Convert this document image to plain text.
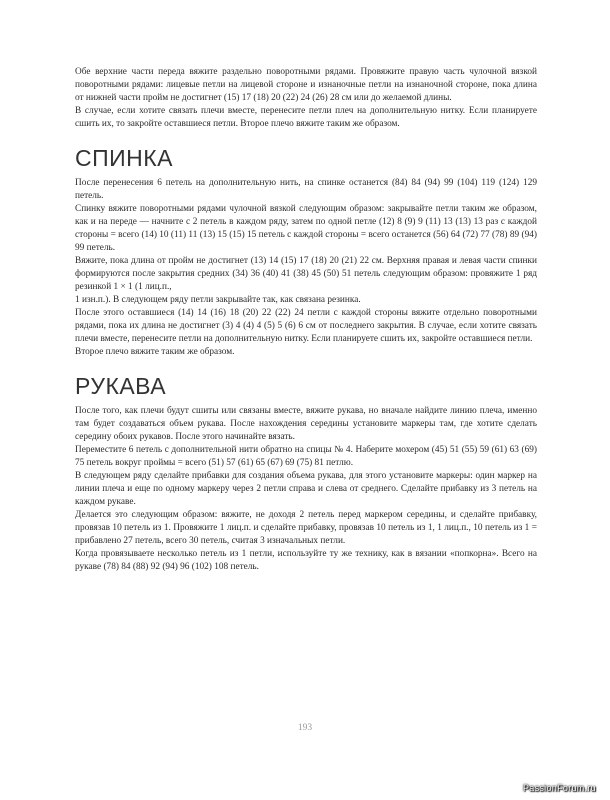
Обе верхние части переда вяжите раздельно поворотными рядами. Провяжите правую часть чулочной вязкой поворотными рядами: лицевые петли на лицевой стороне и изнаночные петли на изнаночной стороне, пока длина от нижней части пройм не достигнет (15) 17 (18) 20 (22) 24 (26) 28 см или до желаемой длины.

В случае, если хотите связать плечи вместе, перенесите петли плеч на дополнительную нитку. Если планируете сшить их, то закройте оставшиеся петли. Второе плечо вяжите таким же образом.

СПИНКА

После перенесения 6 петель на дополнительную нить, на спинке останется (84) 84 (94) 99 (104) 119 (124) 129 петель.

Спинку вяжите поворотными рядами чулочной вязкой следующим образом: закрывайте петли таким же образом, как и на переде — начните с 2 петель в каждом ряду, затем по одной петле (12) 8 (9) 9 (11) 13 (13) 13 раз с каждой стороны = всего (14) 10 (11) 11 (13) 15 (15) 15 петель с каждой стороны = всего останется (56) 64 (72) 77 (78) 89 (94) 99 петель.

Вяжите, пока длина от пройм не достигнет (13) 14 (15) 17 (18) 20 (21) 22 см. Верхняя правая и левая части спинки формируются после закрытия средних (34) 36 (40) 41 (38) 45 (50) 51 петель следующим образом: провяжите 1 ряд резинкой 1 × 1 (1 лиц.п.,

1 изн.п.). В следующем ряду петли закрывайте так, как связана резинка.

После этого оставшиеся (14) 14 (16) 18 (20) 22 (22) 24 петли с каждой стороны вяжите отдельно поворотными рядами, пока их длина не достигнет (3) 4 (4) 4 (5) 5 (6) 6 см от последнего закрытия. В случае, если хотите связать плечи вместе, перенесите петли на дополнительную нитку. Если планируете сшить их, закройте оставшиеся петли.

Второе плечо вяжите таким же образом.

РУКАВА

После того, как плечи будут сшиты или связаны вместе, вяжите рукава, но вначале найдите линию плеча, именно там будет создаваться объем рукава. После нахождения середины установите маркеры там, где хотите сделать середину обоих рукавов. После этого начинайте вязать.

Переместите 6 петель с дополнительной нити обратно на спицы № 4. Наберите мохером (45) 51 (55) 59 (61) 63 (69) 75 петель вокруг проймы = всего (51) 57 (61) 65 (67) 69 (75) 81 петлю.

В следующем ряду сделайте прибавки для создания объема рукава, для этого установите маркеры: один маркер на линии плеча и еще по одному маркеру через 2 петли справа и слева от среднего. Сделайте прибавку из 3 петель на каждом рукаве.

Делается это следующим образом: вяжите, не доходя 2 петель перед маркером середины, и сделайте прибавку, провязав 10 петель из 1. Провяжите 1 лиц.п. и сделайте прибавку, провязав 10 петель из 1, 1 лиц.п., 10 петель из 1 = прибавлено 27 петель, всего 30 петель, считая 3 изначальных петли.

Когда провязываете несколько петель из 1 петли, используйте ту же технику, как в вязании «попкорна». Всего на рукаве (78) 84 (88) 92 (94) 96 (102) 108 петель.

193
PassionForum.ru
